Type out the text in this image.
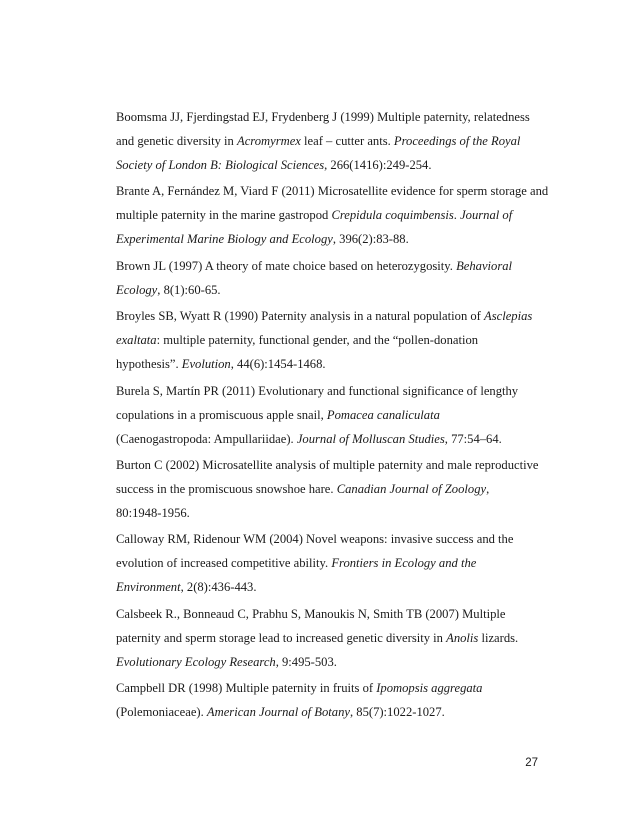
Boomsma JJ, Fjerdingstad EJ, Frydenberg J (1999) Multiple paternity, relatedness
and genetic diversity in Acromyrmex leaf – cutter ants. Proceedings of the Royal
Society of London B: Biological Sciences, 266(1416):249-254.
Brante A, Fernández M, Viard F (2011) Microsatellite evidence for sperm storage and
multiple paternity in the marine gastropod Crepidula coquimbensis. Journal of
Experimental Marine Biology and Ecology, 396(2):83-88.
Brown JL (1997) A theory of mate choice based on heterozygosity. Behavioral
Ecology, 8(1):60-65.
Broyles SB, Wyatt R (1990) Paternity analysis in a natural population of Asclepias
exaltata: multiple paternity, functional gender, and the “pollen-donation
hypothesis”. Evolution, 44(6):1454-1468.
Burela S, Martín PR (2011) Evolutionary and functional significance of lengthy
copulations in a promiscuous apple snail, Pomacea canaliculata
(Caenogastropoda: Ampullariidae). Journal of Molluscan Studies, 77:54–64.
Burton C (2002) Microsatellite analysis of multiple paternity and male reproductive
success in the promiscuous snowshoe hare. Canadian Journal of Zoology,
80:1948-1956.
Calloway RM, Ridenour WM (2004) Novel weapons: invasive success and the
evolution of increased competitive ability. Frontiers in Ecology and the
Environment, 2(8):436-443.
Calsbeek R., Bonneaud C, Prabhu S, Manoukis N, Smith TB (2007) Multiple
paternity and sperm storage lead to increased genetic diversity in Anolis lizards.
Evolutionary Ecology Research, 9:495-503.
Campbell DR (1998) Multiple paternity in fruits of Ipomopsis aggregata
(Polemoniaceae). American Journal of Botany, 85(7):1022-1027.
27
